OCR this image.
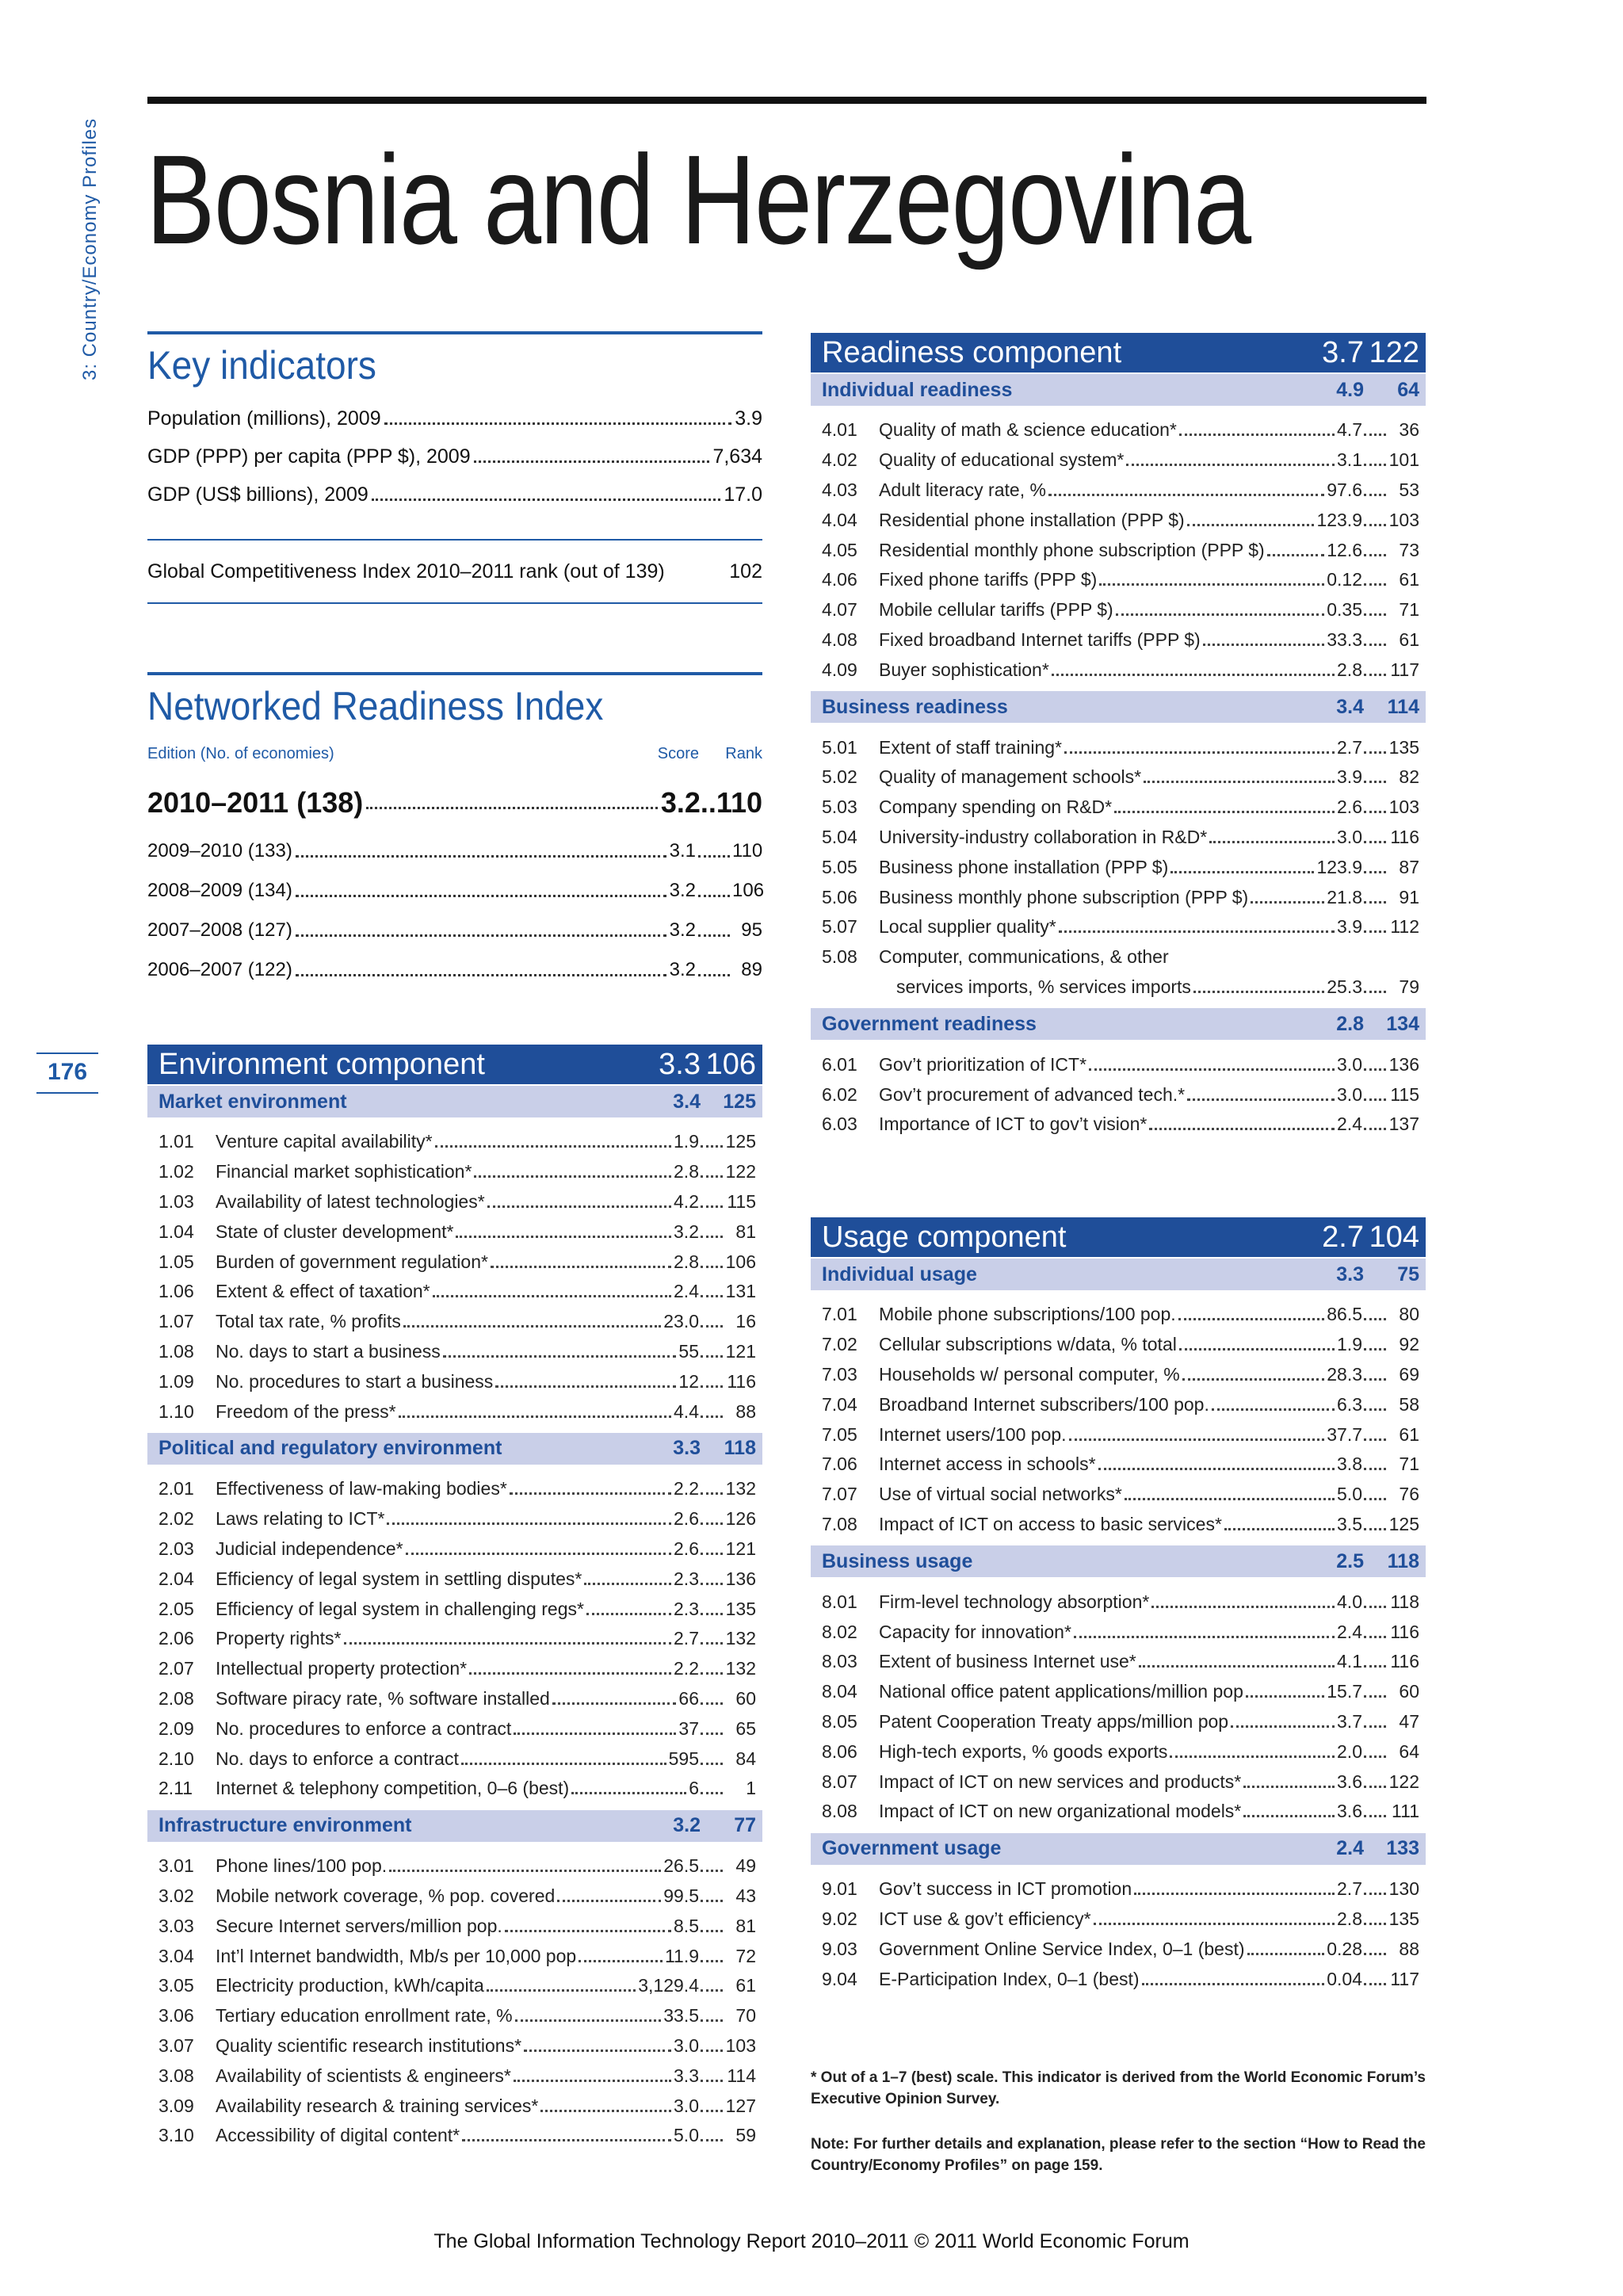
3: Country/Economy Profiles
176
Bosnia and Herzegovina
Key indicators
Population (millions), 2009	3.9
GDP (PPP) per capita (PPP $), 2009	7,634
GDP (US$ billions), 2009	17.0
Global Competitiveness Index 2010–2011 rank (out of 139)	102
Networked Readiness Index
Edition (No. of economies)	Score	Rank
2010–2011 (138)	3.2 .. 110
2009–2010 (133)	3.1 110
2008–2009 (134)	3.2 106
2007–2008 (127)	3.2	95
2006–2007 (122)	3.2	89
Environment component	3.3 106
Market environment	3.4	125
1.01	Venture capital availability*	1.9 125
1.02	Financial market sophistication*	2.8 122
1.03	Availability of latest technologies*	4.2 115
1.04	State of cluster development*	3.2	81
1.05	Burden of government regulation*	2.8 106
1.06	Extent & effect of taxation*	2.4 131
1.07	Total tax rate, % profits	23.0	16
1.08	No. days to start a business	55 121
1.09	No. procedures to start a business	12 116
1.10	Freedom of the press*	4.4	88
Political and regulatory environment	3.3	118
2.01	Effectiveness of law-making bodies*	2.2 132
2.02	Laws relating to ICT*	2.6 126
2.03	Judicial independence*	2.6 121
2.04	Efficiency of legal system in settling disputes*	2.3 136
2.05	Efficiency of legal system in challenging regs*	2.3 135
2.06	Property rights*	2.7 132
2.07	Intellectual property protection*	2.2 132
2.08	Software piracy rate, % software installed	66	60
2.09	No. procedures to enforce a contract	37	65
2.10	No. days to enforce a contract	595	84
2.11	Internet & telephony competition, 0–6 (best)	6	1
Infrastructure environment	3.2	77
3.01	Phone lines/100 pop.	26.5	49
3.02	Mobile network coverage, % pop. covered	99.5	43
3.03	Secure Internet servers/million pop.	8.5	81
3.04	Int’l Internet bandwidth, Mb/s per 10,000 pop	11.9	72
3.05	Electricity production, kWh/capita	3,129.4	61
3.06	Tertiary education enrollment rate, %	33.5	70
3.07	Quality scientific research institutions*	3.0 103
3.08	Availability of scientists & engineers*	3.3 114
3.09	Availability research & training services*	3.0 127
3.10	Accessibility of digital content*	5.0	59
Readiness component	3.7 122
Individual readiness	4.9	64
4.01	Quality of math & science education*	4.7	36
4.02	Quality of educational system*	3.1 101
4.03	Adult literacy rate, %	97.6	53
4.04	Residential phone installation (PPP $)	123.9 103
4.05	Residential monthly phone subscription (PPP $)	12.6	73
4.06	Fixed phone tariffs (PPP $)	0.12	61
4.07	Mobile cellular tariffs (PPP $)	0.35	71
4.08	Fixed broadband Internet tariffs (PPP $)	33.3	61
4.09	Buyer sophistication*	2.8 117
Business readiness	3.4	114
5.01	Extent of staff training*	2.7 135
5.02	Quality of management schools*	3.9	82
5.03	Company spending on R&D*	2.6 103
5.04	University-industry collaboration in R&D*	3.0 116
5.05	Business phone installation (PPP $)	123.9	87
5.06	Business monthly phone subscription (PPP $)	21.8	91
5.07	Local supplier quality*	3.9 112
5.08	Computer, communications, & other
services imports, % services imports	25.3	79
Government readiness	2.8	134
6.01	Gov’t prioritization of ICT*	3.0 136
6.02	Gov’t procurement of advanced tech.*	3.0 115
6.03	Importance of ICT to gov’t vision*	2.4 137
Usage component	2.7 104
Individual usage	3.3	75
7.01	Mobile phone subscriptions/100 pop.	86.5	80
7.02	Cellular subscriptions w/data, % total	1.9	92
7.03	Households w/ personal computer, %	28.3	69
7.04	Broadband Internet subscribers/100 pop.	6.3	58
7.05	Internet users/100 pop.	37.7	61
7.06	Internet access in schools*	3.8	71
7.07	Use of virtual social networks*	5.0	76
7.08	Impact of ICT on access to basic services*	3.5 125
Business usage	2.5	118
8.01	Firm-level technology absorption*	4.0 118
8.02	Capacity for innovation*	2.4 116
8.03	Extent of business Internet use*	4.1 116
8.04	National office patent applications/million pop	15.7	60
8.05	Patent Cooperation Treaty apps/million pop	3.7	47
8.06	High-tech exports, % goods exports	2.0	64
8.07	Impact of ICT on new services and products*	3.6 122
8.08	Impact of ICT on new organizational models*	3.6 111
Government usage	2.4	133
9.01	Gov’t success in ICT promotion	2.7 130
9.02	ICT use & gov’t efficiency*	2.8 135
9.03	Government Online Service Index, 0–1 (best)	0.28	88
9.04	E-Participation Index, 0–1 (best)	0.04 117
* Out of a 1–7 (best) scale. This indicator is derived from the World Economic Forum’s Executive Opinion Survey.
Note: For further details and explanation, please refer to the section “How to Read the Country/Economy Profiles” on page 159.
The Global Information Technology Report 2010–2011 © 2011 World Economic Forum
